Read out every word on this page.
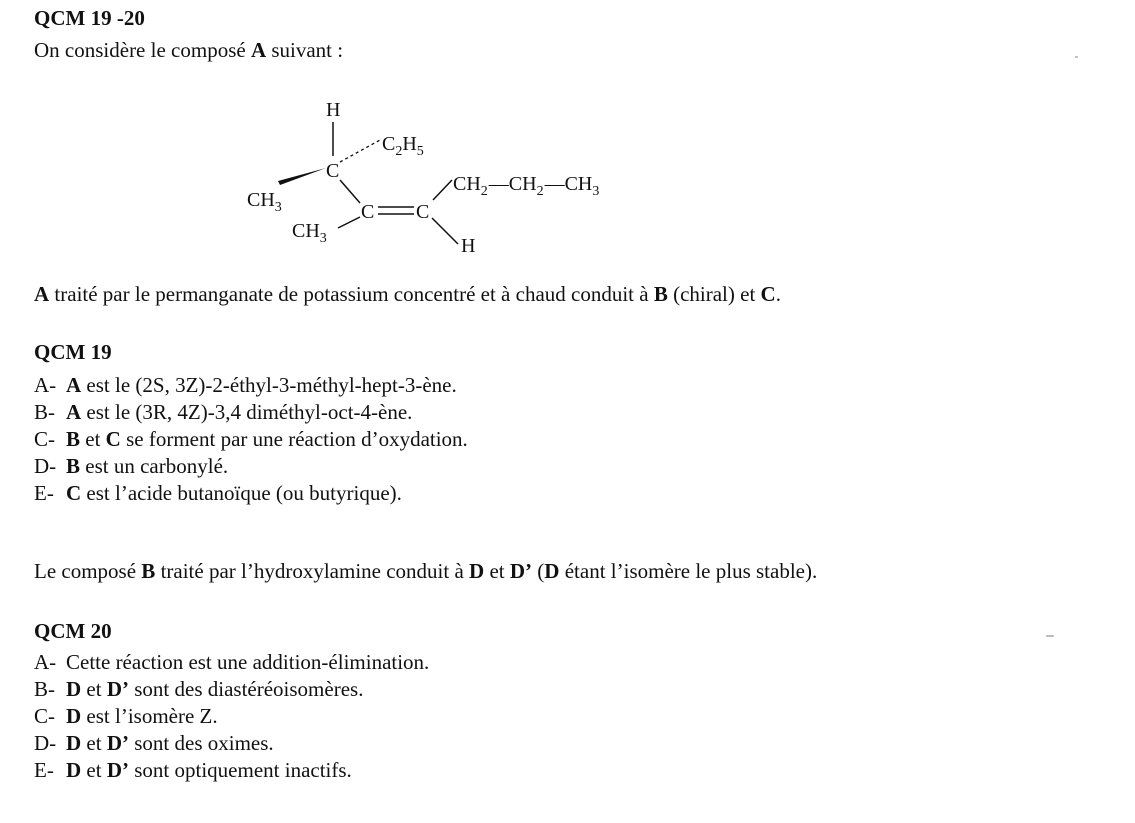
QCM 19 -20
On considère le composé A suivant :
H
C
$C_2H_5$
$CH_3$
$CH_3$
C C
$CH_2—CH_2—CH_3$
H
A traité par le permanganate de potassium concentré et à chaud conduit à B (chiral) et C.
QCM 19
A- A est le (2S, 3Z)-2-éthyl-3-méthyl-hept-3-ène.
B- A est le (3R, 4Z)-3,4 diméthyl-oct-4-ène.
C- B et C se forment par une réaction d’oxydation.
D- B est un carbonylé.
E- C est l’acide butanoïque (ou butyrique).
Le composé B traité par l’hydroxylamine conduit à D et D’ (D étant l’isomère le plus stable).
QCM 20
A- Cette réaction est une addition-élimination.
B- D et D’ sont des diastéréoisomères.
C- D est l’isomère Z.
D- D et D’ sont des oximes.
E- D et D’ sont optiquement inactifs.
